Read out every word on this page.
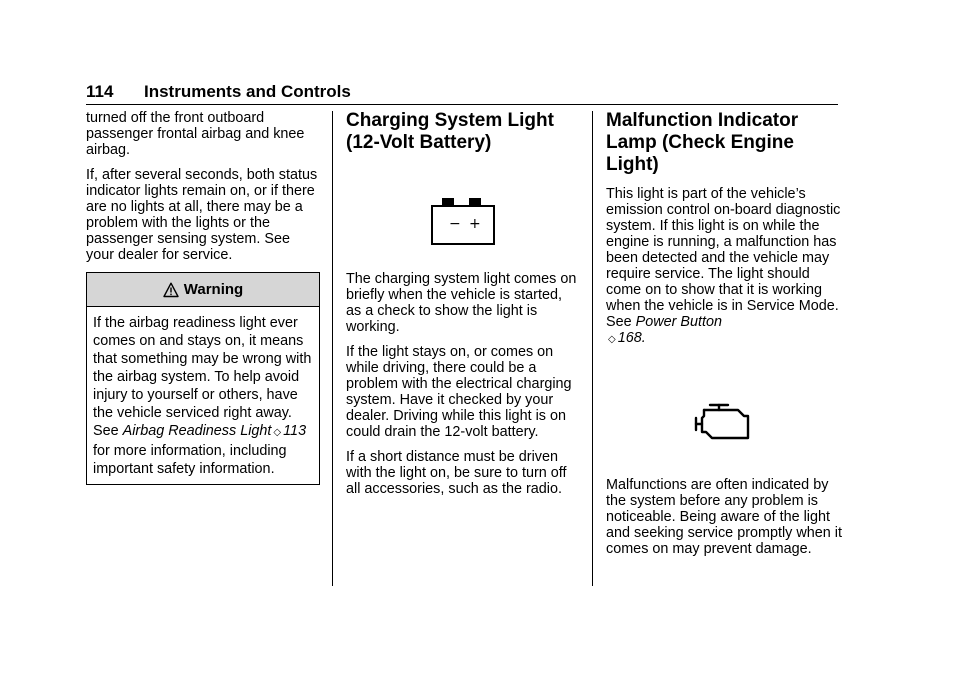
114 Instruments and Controls

turned off the front outboard passenger frontal airbag and knee airbag.

If, after several seconds, both status indicator lights remain on, or if there are no lights at all, there may be a problem with the lights or the passenger sensing system. See your dealer for service.

Warning
If the airbag readiness light ever comes on and stays on, it means that something may be wrong with the airbag system. To help avoid injury to yourself or others, have the vehicle serviced right away. See Airbag Readiness Light ◇ 113 for more information, including important safety information.
Charging System Light (12-Volt Battery)
− +

The charging system light comes on briefly when the vehicle is started, as a check to show the light is working.

If the light stays on, or comes on while driving, there could be a problem with the electrical charging system. Have it checked by your dealer. Driving while this light is on could drain the 12-volt battery.

If a short distance must be driven with the light on, be sure to turn off all accessories, such as the radio.

Malfunction Indicator Lamp (Check Engine Light)

This light is part of the vehicle’s emission control on-board diagnostic system. If this light is on while the engine is running, a malfunction has been detected and the vehicle may require service. The light should come on to show that it is working when the vehicle is in Service Mode. See Power Button
◇ 168.

Malfunctions are often indicated by the system before any problem is noticeable. Being aware of the light and seeking service promptly when it comes on may prevent damage.
